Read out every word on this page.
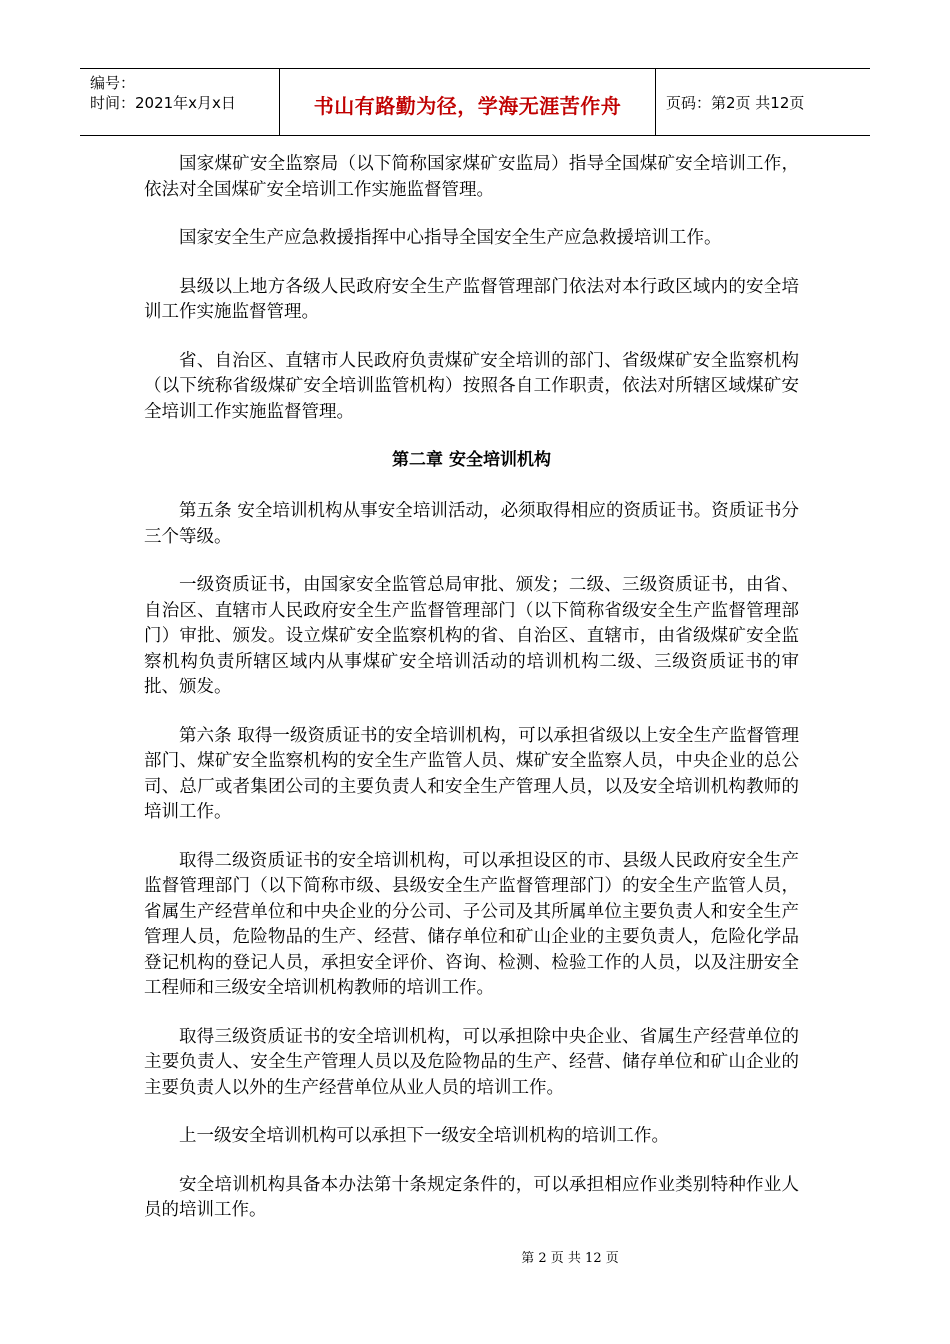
编号：
时间：2021年x月x日	书山有路勤为径，学海无涯苦作舟	页码：第2页 共12页

国家煤矿安全监察局（以下简称国家煤矿安监局）指导全国煤矿安全培训工作，依法对全国煤矿安全培训工作实施监督管理。

国家安全生产应急救援指挥中心指导全国安全生产应急救援培训工作。

县级以上地方各级人民政府安全生产监督管理部门依法对本行政区域内的安全培训工作实施监督管理。

省、自治区、直辖市人民政府负责煤矿安全培训的部门、省级煤矿安全监察机构（以下统称省级煤矿安全培训监管机构）按照各自工作职责，依法对所辖区域煤矿安全培训工作实施监督管理。

第二章 安全培训机构

第五条 安全培训机构从事安全培训活动，必须取得相应的资质证书。资质证书分三个等级。

一级资质证书，由国家安全监管总局审批、颁发；二级、三级资质证书，由省、自治区、直辖市人民政府安全生产监督管理部门（以下简称省级安全生产监督管理部门）审批、颁发。设立煤矿安全监察机构的省、自治区、直辖市，由省级煤矿安全监察机构负责所辖区域内从事煤矿安全培训活动的培训机构二级、三级资质证书的审批、颁发。

第六条 取得一级资质证书的安全培训机构，可以承担省级以上安全生产监督管理部门、煤矿安全监察机构的安全生产监管人员、煤矿安全监察人员，中央企业的总公司、总厂或者集团公司的主要负责人和安全生产管理人员，以及安全培训机构教师的培训工作。

取得二级资质证书的安全培训机构，可以承担设区的市、县级人民政府安全生产监督管理部门（以下简称市级、县级安全生产监督管理部门）的安全生产监管人员，省属生产经营单位和中央企业的分公司、子公司及其所属单位主要负责人和安全生产管理人员，危险物品的生产、经营、储存单位和矿山企业的主要负责人，危险化学品登记机构的登记人员，承担安全评价、咨询、检测、检验工作的人员，以及注册安全工程师和三级安全培训机构教师的培训工作。

取得三级资质证书的安全培训机构，可以承担除中央企业、省属生产经营单位的主要负责人、安全生产管理人员以及危险物品的生产、经营、储存单位和矿山企业的主要负责人以外的生产经营单位从业人员的培训工作。

上一级安全培训机构可以承担下一级安全培训机构的培训工作。

安全培训机构具备本办法第十条规定条件的，可以承担相应作业类别特种作业人员的培训工作。

第 2 页 共 12 页
